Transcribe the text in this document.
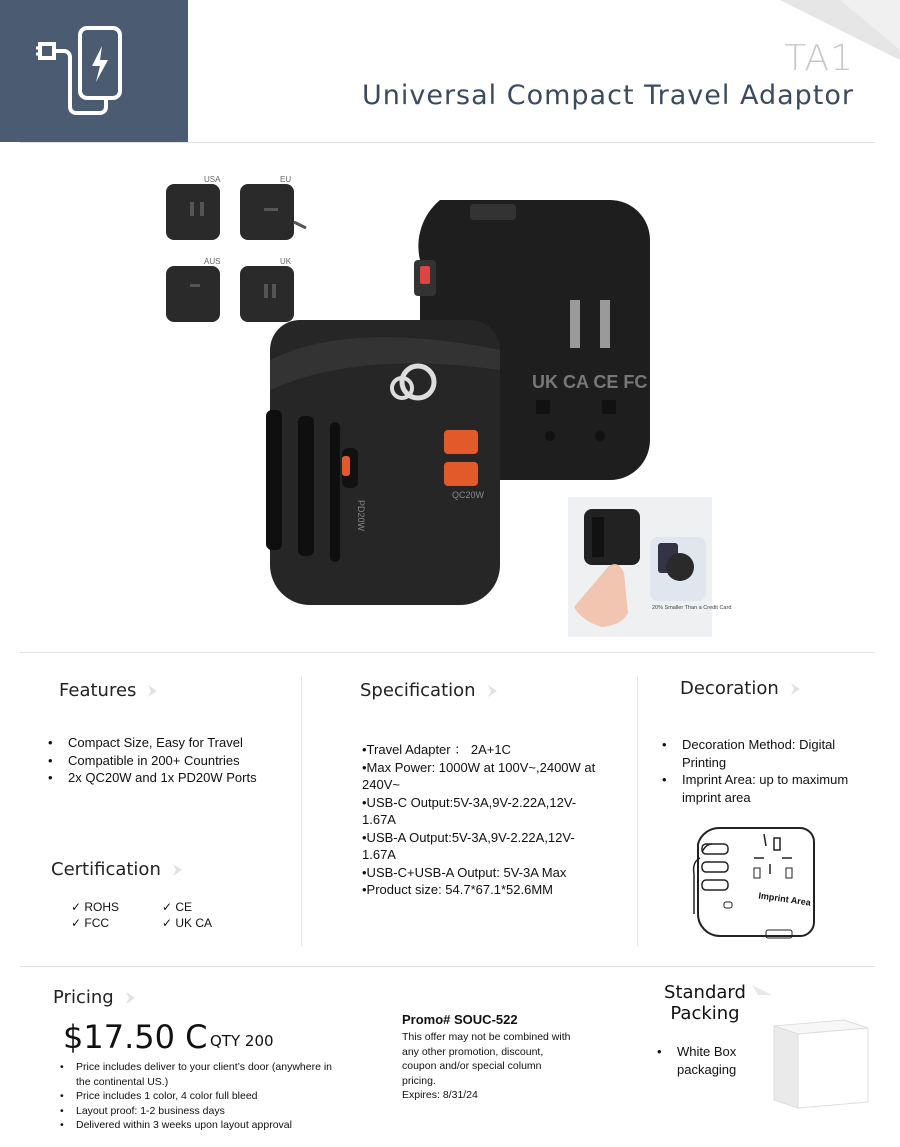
TA1
Universal Compact Travel Adaptor
USA	EU
AUS	UK
UK CA CE FC
QC20W
PD20W
20% Smaller Than a Credit Card
Features
• Compact Size, Easy for Travel
• Compatible in 200+ Countries
• 2x QC20W and 1x PD20W Ports
Certification
✓ ROHS	✓ CE
✓ FCC	✓ UK CA
Specification
•Travel Adapter ： 2A+1C
•Max Power: 1000W at 100V~,2400W at 240V~
•USB-C Output:5V-3A,9V-2.22A,12V-1.67A
•USB-A Output:5V-3A,9V-2.22A,12V-1.67A
•USB-C+USB-A Output: 5V-3A Max
•Product size: 54.7*67.1*52.6MM
Decoration
• Decoration Method: Digital Printing
• Imprint Area: up to maximum imprint area
Imprint Area
Pricing
$17.50 C QTY 200
• Price includes deliver to your client’s door (anywhere in the continental US.)
• Price includes 1 color, 4 color full bleed
• Layout proof: 1-2 business days
• Delivered within 3 weeks upon layout approval
Promo# SOUC-522
This offer may not be combined with any other promotion, discount, coupon and/or special column pricing.
Expires: 8/31/24
Standard Packing
• White Box packaging
